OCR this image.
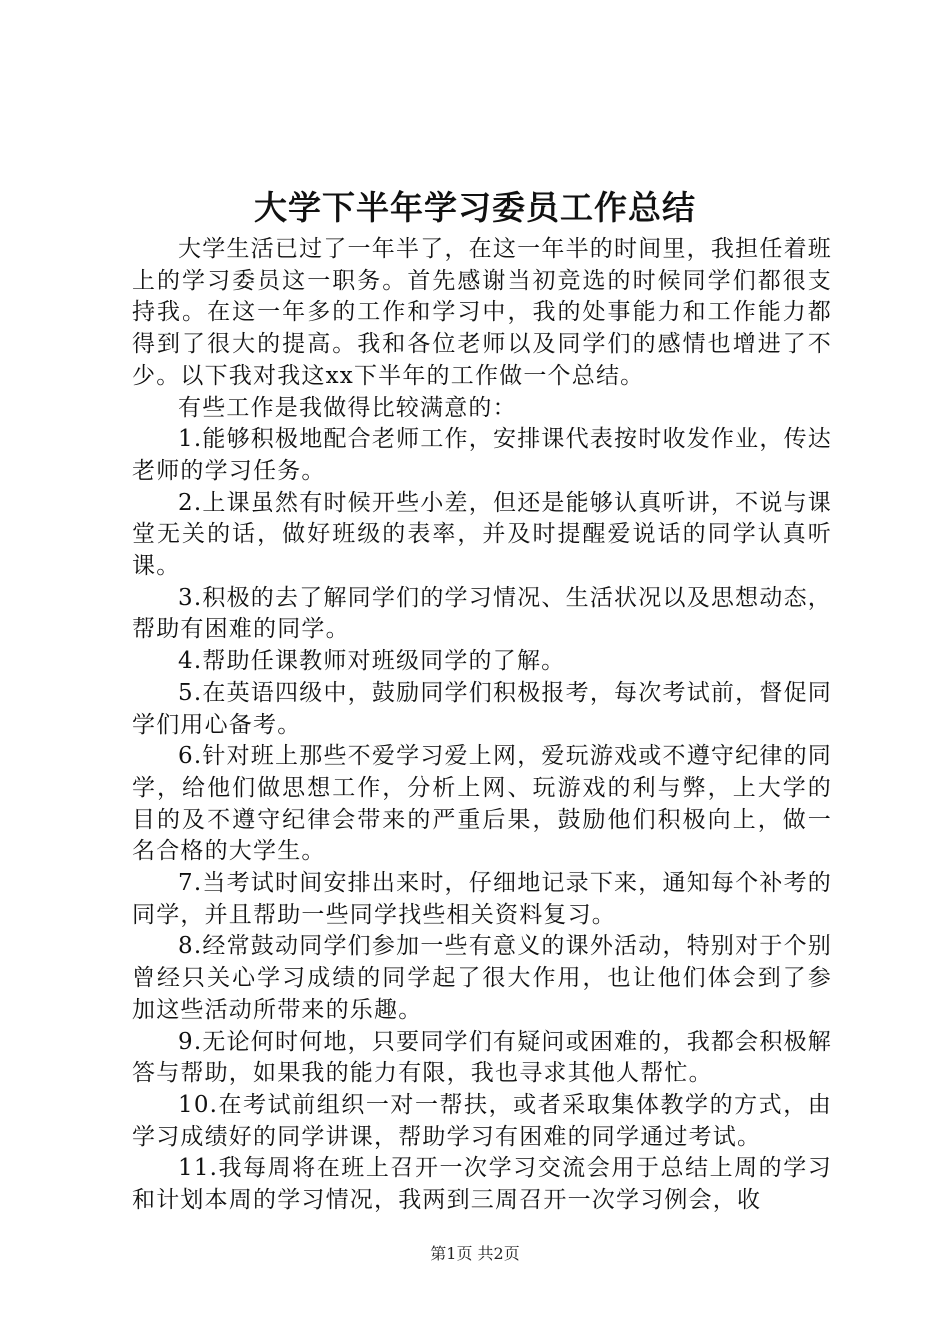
大学下半年学习委员工作总结

大学生活已过了一年半了，在这一年半的时间里，我担任着班上的学习委员这一职务。首先感谢当初竞选的时候同学们都很支持我。在这一年多的工作和学习中，我的处事能力和工作能力都得到了很大的提高。我和各位老师以及同学们的感情也增进了不少。以下我对我这xx下半年的工作做一个总结。

有些工作是我做得比较满意的：

1.能够积极地配合老师工作，安排课代表按时收发作业，传达老师的学习任务。

2.上课虽然有时候开些小差，但还是能够认真听讲，不说与课堂无关的话，做好班级的表率，并及时提醒爱说话的同学认真听课。

3.积极的去了解同学们的学习情况、生活状况以及思想动态，帮助有困难的同学。

4.帮助任课教师对班级同学的了解。

5.在英语四级中，鼓励同学们积极报考，每次考试前，督促同学们用心备考。

6.针对班上那些不爱学习爱上网，爱玩游戏或不遵守纪律的同学，给他们做思想工作，分析上网、玩游戏的利与弊，上大学的目的及不遵守纪律会带来的严重后果，鼓励他们积极向上，做一名合格的大学生。

7.当考试时间安排出来时，仔细地记录下来，通知每个补考的同学，并且帮助一些同学找些相关资料复习。

8.经常鼓动同学们参加一些有意义的课外活动，特别对于个别曾经只关心学习成绩的同学起了很大作用，也让他们体会到了参加这些活动所带来的乐趣。

9.无论何时何地，只要同学们有疑问或困难的，我都会积极解答与帮助，如果我的能力有限，我也寻求其他人帮忙。

10.在考试前组织一对一帮扶，或者采取集体教学的方式，由学习成绩好的同学讲课，帮助学习有困难的同学通过考试。

11.我每周将在班上召开一次学习交流会用于总结上周的学习和计划本周的学习情况，我两到三周召开一次学习例会，收

第1页 共2页
